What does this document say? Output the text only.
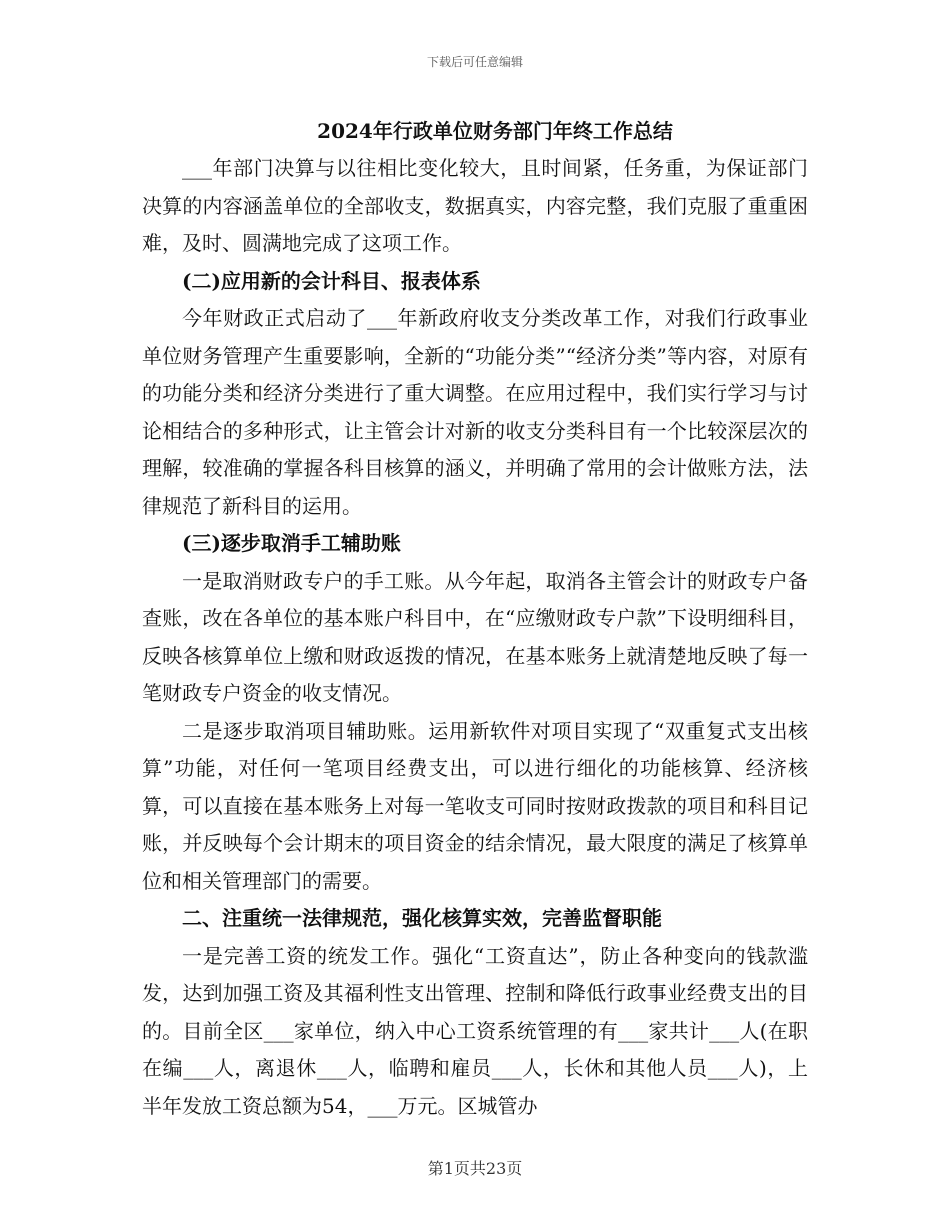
下载后可任意编辑
2024年行政单位财务部门年终工作总结

___年部门决算与以往相比变化较大，且时间紧，任务重，为保证部门决算的内容涵盖单位的全部收支，数据真实，内容完整，我们克服了重重困难，及时、圆满地完成了这项工作。

(二)应用新的会计科目、报表体系

今年财政正式启动了___年新政府收支分类改革工作，对我们行政事业单位财务管理产生重要影响，全新的“功能分类”“经济分类”等内容，对原有的功能分类和经济分类进行了重大调整。在应用过程中，我们实行学习与讨论相结合的多种形式，让主管会计对新的收支分类科目有一个比较深层次的理解，较准确的掌握各科目核算的涵义，并明确了常用的会计做账方法，法律规范了新科目的运用。

(三)逐步取消手工辅助账

一是取消财政专户的手工账。从今年起，取消各主管会计的财政专户备查账，改在各单位的基本账户科目中，在“应缴财政专户款”下设明细科目，反映各核算单位上缴和财政返拨的情况，在基本账务上就清楚地反映了每一笔财政专户资金的收支情况。

二是逐步取消项目辅助账。运用新软件对项目实现了“双重复式支出核算”功能，对任何一笔项目经费支出，可以进行细化的功能核算、经济核算，可以直接在基本账务上对每一笔收支可同时按财政拨款的项目和科目记账，并反映每个会计期末的项目资金的结余情况，最大限度的满足了核算单位和相关管理部门的需要。

二、注重统一法律规范，强化核算实效，完善监督职能

一是完善工资的统发工作。强化“工资直达”，防止各种变向的钱款滥发，达到加强工资及其福利性支出管理、控制和降低行政事业经费支出的目的。目前全区___家单位，纳入中心工资系统管理的有___家共计___人(在职在编___人，离退休___人，临聘和雇员___人，长休和其他人员___人)，上半年发放工资总额为54，___万元。区城管办

第1页共23页
